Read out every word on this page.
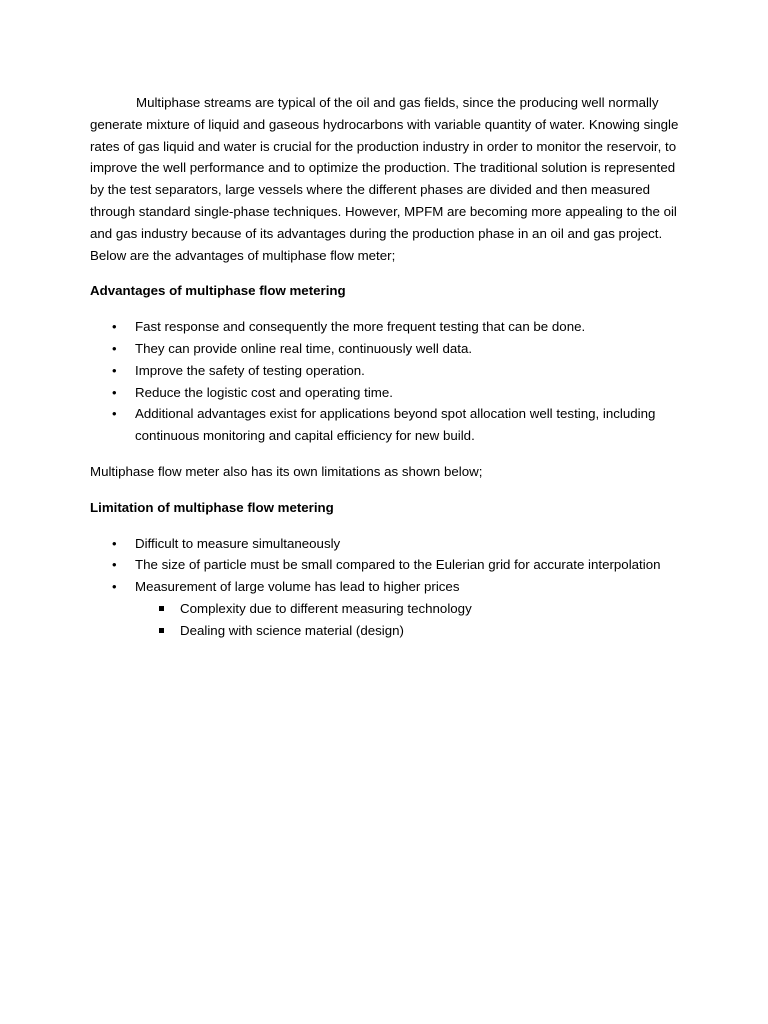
Multiphase streams are typical of the oil and gas fields, since the producing well normally generate mixture of liquid and gaseous hydrocarbons with variable quantity of water. Knowing single rates of gas liquid and water is crucial for the production industry in order to monitor the reservoir, to improve the well performance and to optimize the production. The traditional solution is represented by the test separators, large vessels where the different phases are divided and then measured through standard single-phase techniques. However, MPFM are becoming more appealing to the oil and gas industry because of its advantages during the production phase in an oil and gas project. Below are the advantages of multiphase flow meter;

Advantages of multiphase flow metering

• Fast response and consequently the more frequent testing that can be done.
• They can provide online real time, continuously well data.
• Improve the safety of testing operation.
• Reduce the logistic cost and operating time.
• Additional advantages exist for applications beyond spot allocation well testing, including continuous monitoring and capital efficiency for new build.

Multiphase flow meter also has its own limitations as shown below;

Limitation of multiphase flow metering

• Difficult to measure simultaneously
• The size of particle must be small compared to the Eulerian grid for accurate interpolation
• Measurement of large volume has lead to higher prices
Complexity due to different measuring technology
Dealing with science material (design)
